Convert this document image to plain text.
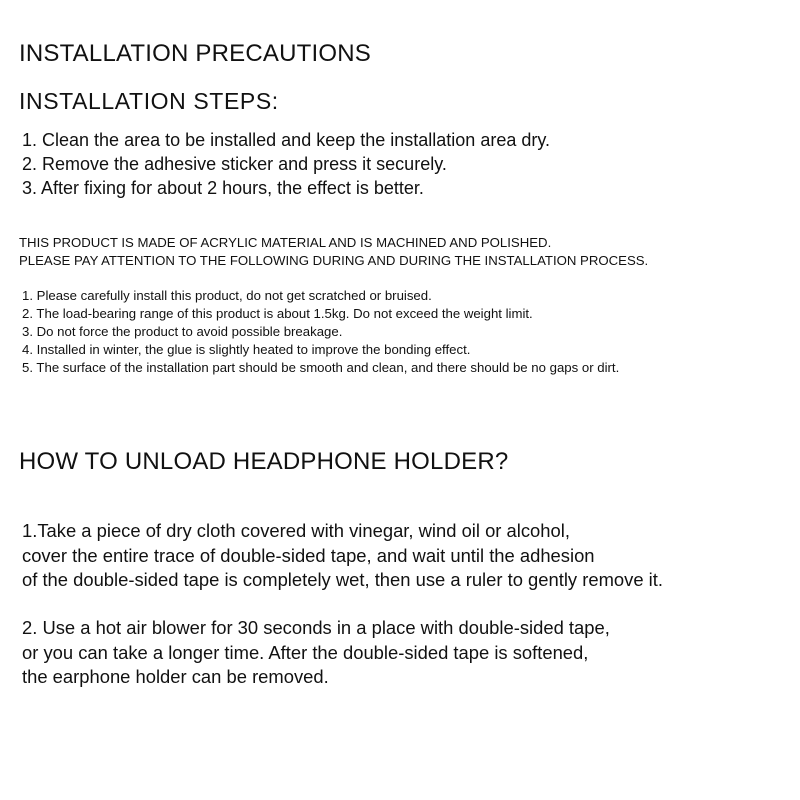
INSTALLATION PRECAUTIONS
INSTALLATION STEPS:
1. Clean the area to be installed and keep the installation area dry.
2. Remove the adhesive sticker and press it securely.
3. After fixing for about 2 hours, the effect is better.
THIS PRODUCT IS MADE OF ACRYLIC MATERIAL AND IS MACHINED AND POLISHED.
PLEASE PAY ATTENTION TO THE FOLLOWING DURING AND DURING THE INSTALLATION PROCESS.
1. Please carefully install this product, do not get scratched or bruised.
2. The load-bearing range of this product is about 1.5kg. Do not exceed the weight limit.
3. Do not force the product to avoid possible breakage.
4. Installed in winter, the glue is slightly heated to improve the bonding effect.
5. The surface of the installation part should be smooth and clean, and there should be no gaps or dirt.
HOW TO UNLOAD HEADPHONE HOLDER?

1.Take a piece of dry cloth covered with vinegar, wind oil or alcohol,
cover the entire trace of double-sided tape, and wait until the adhesion
of the double-sided tape is completely wet, then use a ruler to gently remove it.

2. Use a hot air blower for 30 seconds in a place with double-sided tape,
or you can take a longer time. After the double-sided tape is softened,
the earphone holder can be removed.
